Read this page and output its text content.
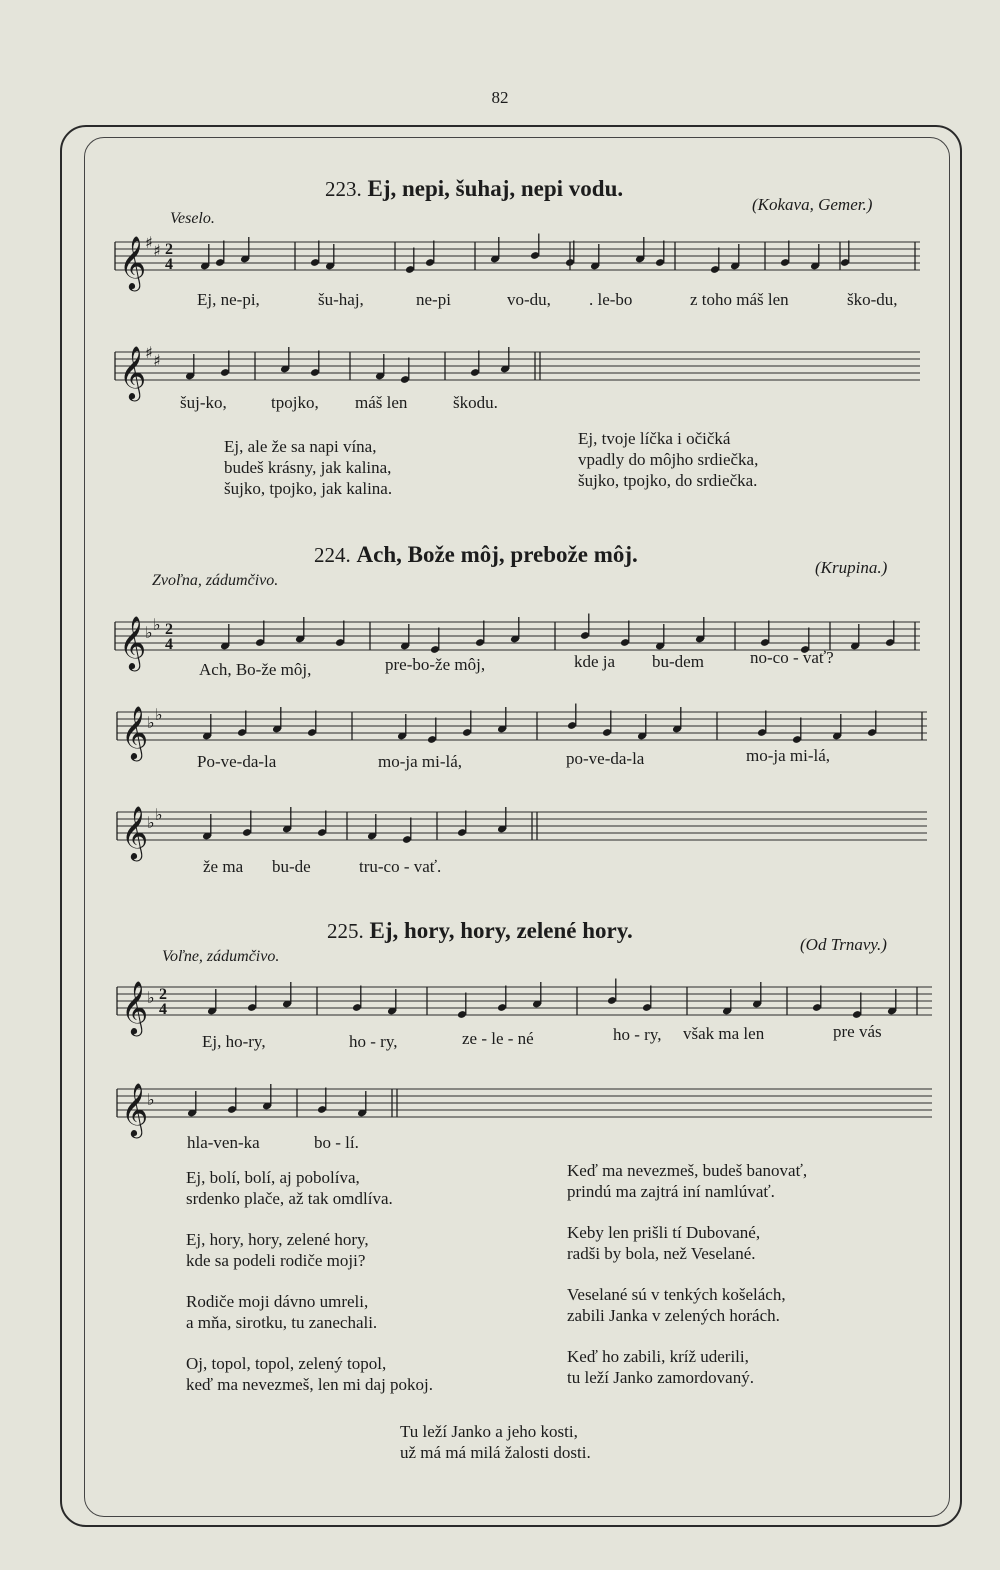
82
223. Ej, nepi, šuhaj, nepi vodu.
Veselo.
(Kokava, Gemer.)
𝄞
♯ ♯ 2
4
Ej, ne-pi,	šu-haj,	ne-pi	vo-du, . le-bo	z toho máš len	ško-du,
𝄞
♯ ♯
šuj-ko,	tpojko, máš len	škodu.
Ej, ale že sa napi vína,
budeš krásny, jak kalina,
šujko, tpojko, jak kalina.
Ej, tvoje líčka i očičká
vpadly do môjho srdiečka,
šujko, tpojko, do srdiečka.
224. Ach, Bože môj, prebože môj.
Zvoľna, zádumčivo.
(Krupina.)
𝄞
♭ ♭ 2
4
Ach, Bo-že môj,	pre-bo-že môj,	kde ja bu-dem	no-co - vať?
𝄞
♭ ♭
Po-ve-da-la	mo-ja mi-lá,	po-ve-da-la	mo-ja mi-lá,
𝄞
♭ ♭
že ma bu-de	tru-co - vať.
225. Ej, hory, hory, zelené hory.
Voľne, zádumčivo.
(Od Trnavy.)
𝄞
♭ 2
4
Ej, ho-ry,	ho - ry,	ze - le - né	ho - ry, však ma len	pre vás
𝄞
♭
hla-ven-ka	bo - lí.
Ej, bolí, bolí, aj pobolíva,
srdenko plače, až tak omdlíva.
Ej, hory, hory, zelené hory,
kde sa podeli rodiče moji?
Rodiče moji dávno umreli,
a mňa, sirotku, tu zanechali.
Oj, topol, topol, zelený topol,
keď ma nevezmeš, len mi daj pokoj.
Keď ma nevezmeš, budeš banovať,
prindú ma zajtrá iní namlúvať.
Keby len prišli tí Dubované,
radši by bola, než Veselané.
Veselané sú v tenkých košelách,
zabili Janka v zelených horách.
Keď ho zabili, kríž uderili,
tu leží Janko zamordovaný.
Tu leží Janko a jeho kosti,
už má má milá žalosti dosti.
